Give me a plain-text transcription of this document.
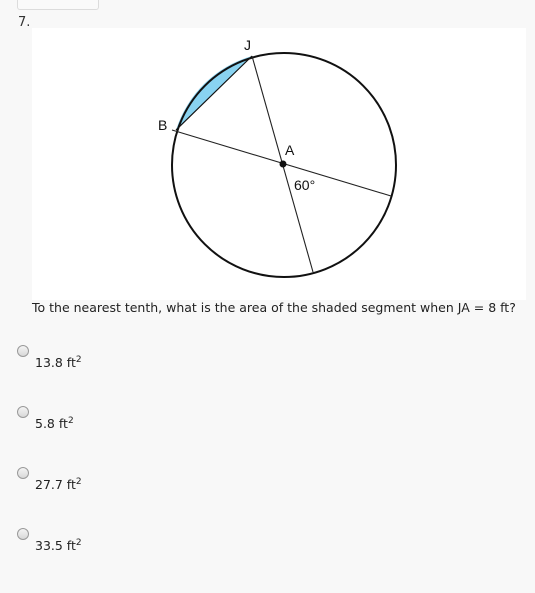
7.
J
B
A
60°
To the nearest tenth, what is the area of the shaded segment when JA = 8 ft?
13.8 $ft^2$
5.8 $ft^2$
27.7 $ft^2$
33.5 $ft^2$
